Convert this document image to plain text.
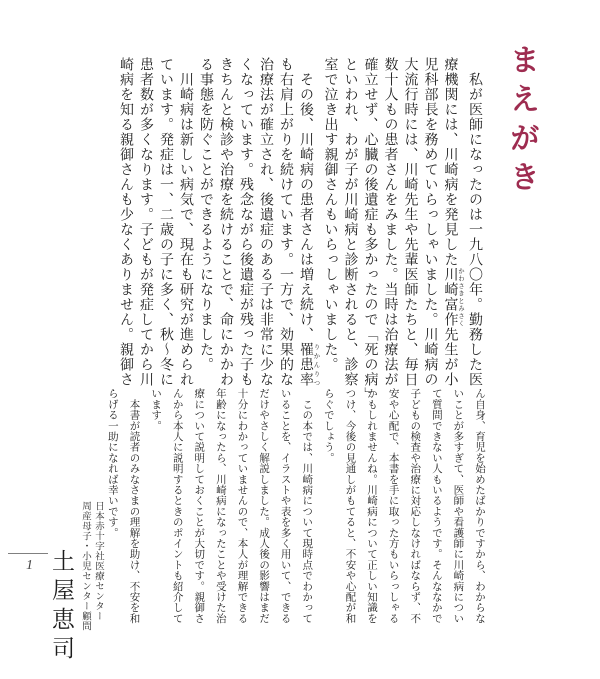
まえがき
　私が医師になったのは一九八〇年。勤務した医
療機関には、川崎病を発見した川崎富作 かわさきとみさく先生が小
児科部長を務めていらっしゃいました。川崎病の
大流行時には、川崎先生や先輩医師たちと、毎日
数十人もの患者さんをみました。当時は治療法が
確立せず、心臓の後遺症も多かったので「死の病」
といわれ、わが子が川崎病と診断されると、診察
室で泣き出す親御さんもいらっしゃいました。
　その後、川崎病の患者さんは増え続け、罹患率 りかんりつ
も右肩上がりを続けています。一方で、効果的な
治療法が確立され、後遺症のある子は非常に少な
くなっています。残念ながら後遺症が残った子も
きちんと検診や治療を続けることで、命にかかわ
る事態を防ぐことができるようになりました。
　川崎病は新しい病気で、現在も研究が進められ
ています。発症は一、二歳の子に多く、秋〜冬に
患者数が多くなります。子どもが発症してから川
崎病を知る親御さんも少なくありません。親御さ
ん自身、育児を始めたばかりですから、わからな
いことが多すぎて、医師や看護師に川崎病につい
て質問できない人もいるようです。そんななかで
子どもの検査や治療に対応しなければならず、不
安や心配で、本書を手に取った方もいらっしゃる
かもしれませんね。川崎病について正しい知識を
つけ、今後の見通しがもてると、不安や心配が和
らぐでしょう。
　この本では、川崎病について現時点でわかって
いることを、イラストや表を多く用いて、できる
だけやさしく解説しました。成人後の影響はまだ
十分にわかっていませんので、本人が理解できる
年齢になったら、川崎病になったことや受けた治
療について説明しておくことが大切です。親御さ
んから本人に説明するときのポイントも紹介して
います。
　本書が読者のみなさまの理解を助け、不安を和
らげる一助になれば幸いです。
日本赤十字社医療センター
周産母子・小児センター顧問
土屋恵司
1
